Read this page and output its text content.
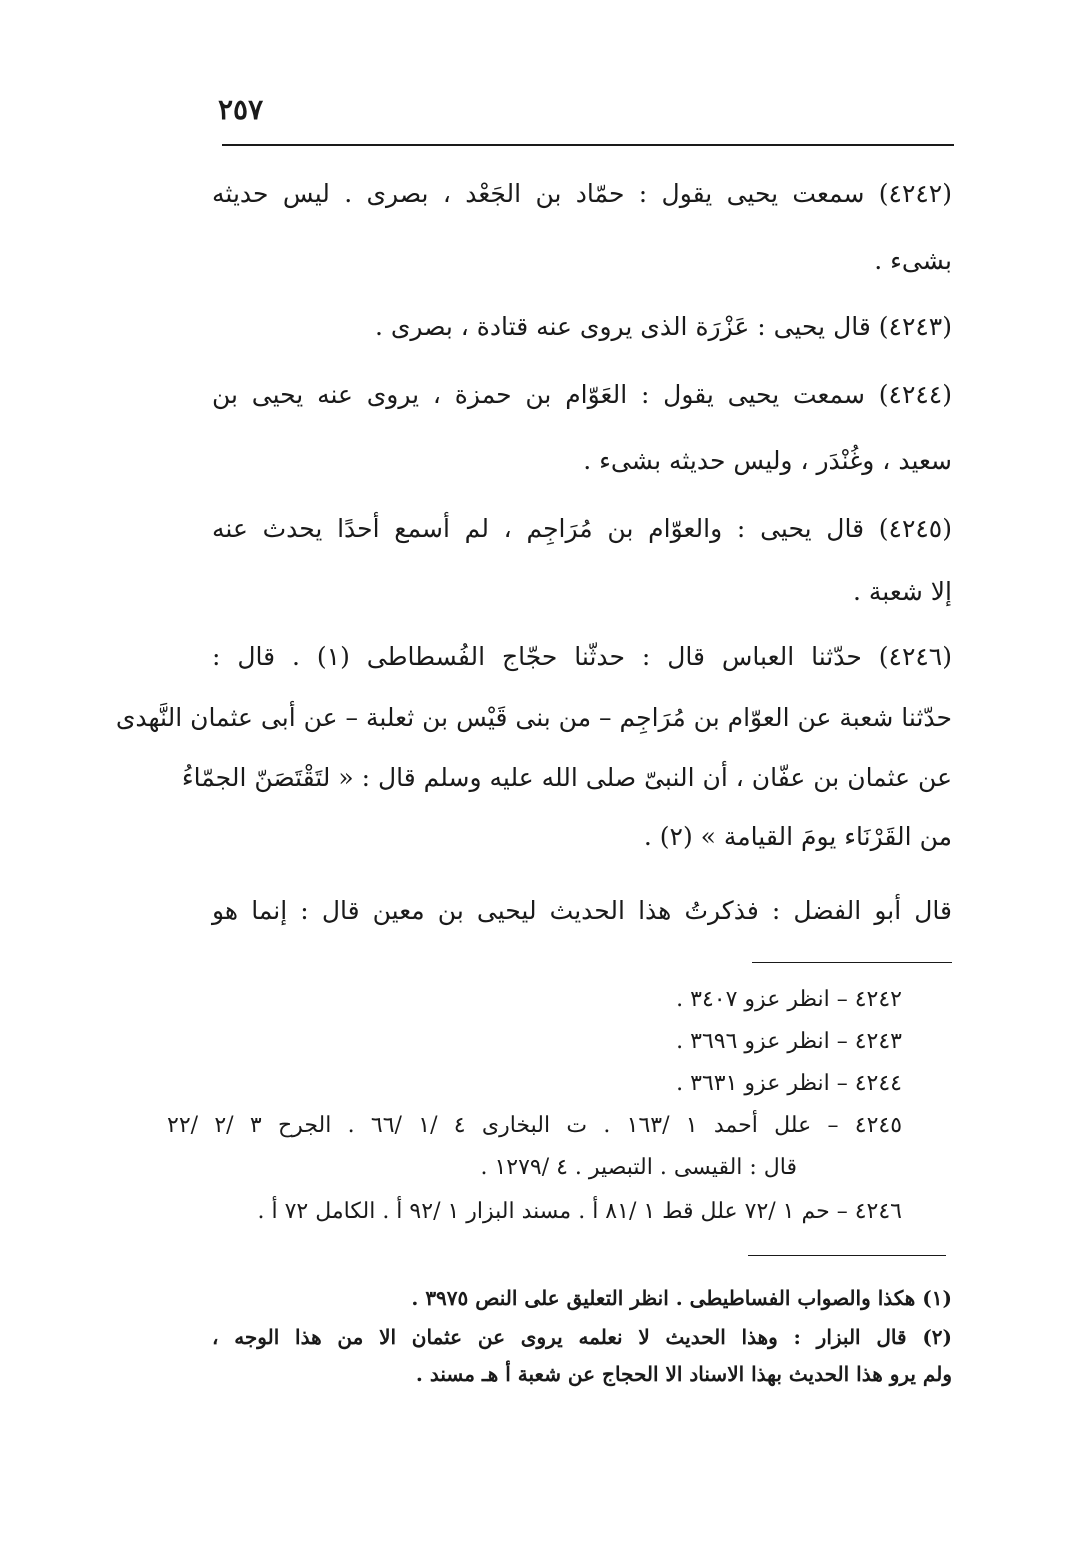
٢٥٧
(٤٢٤٢) سمعت يحيى يقول : حمّاد بن الجَعْد ، بصرى . ليس حديثه
بشىء .
(٤٢٤٣) قال يحيى : عَزْرَة الذى يروى عنه قتادة ، بصرى .
(٤٢٤٤) سمعت يحيى يقول : العَوّام بن حمزة ، يروى عنه يحيى بن
سعيد ، وغُنْدَر ، وليس حديثه بشىء .
(٤٢٤٥) قال يحيى : والعوّام بن مُرَاجِم ، لم أسمع أحدًا يحدث عنه
إلا شعبة .
(٤٢٤٦) حدّثنا العباس قال : حدثّنا حجّاج الفُسطاطى (١) . قال :
حدّثنا شعبة عن العوّام بن مُرَاجِم – من بنى قَيْس بن ثعلبة – عن أبى عثمان النَّهدى
عن عثمان بن عفّان ، أن النبىّ صلى الله عليه وسلم قال : « لتَقْتَصَنّ الجمّاءُ
من القَرْنَاء يومَ القيامة » (٢) .
قال أبو الفضل : فذكرتُ هذا الحديث ليحيى بن معين قال : إنما هو
٤٢٤٢ – انظر عزو ٣٤٠٧ .
٤٢٤٣ – انظر عزو ٣٦٩٦ .
٤٢٤٤ – انظر عزو ٣٦٣١ .
٤٢٤٥ – علل أحمد ١ /١٦٣ . ت البخارى ٤ /١ /٦٦ . الجرح ٣ /٢ /٢٢
قال : القيسى . التبصير . ٤ /١٢٧٩ .
٤٢٤٦ – حم ١ /٧٢ علل قط ١ /٨١ أ . مسند البزار ١ /٩٢ أ . الكامل ٧٢ أ .
(١) هكذا والصواب الفساطيطى . انظر التعليق على النص ٣٩٧٥ .
(٢) قال البزار : وهذا الحديث لا نعلمه يروى عن عثمان الا من هذا الوجه ،
ولم يرو هذا الحديث بهذا الاسناد الا الحجاج عن شعبة أ هـ مسند .
